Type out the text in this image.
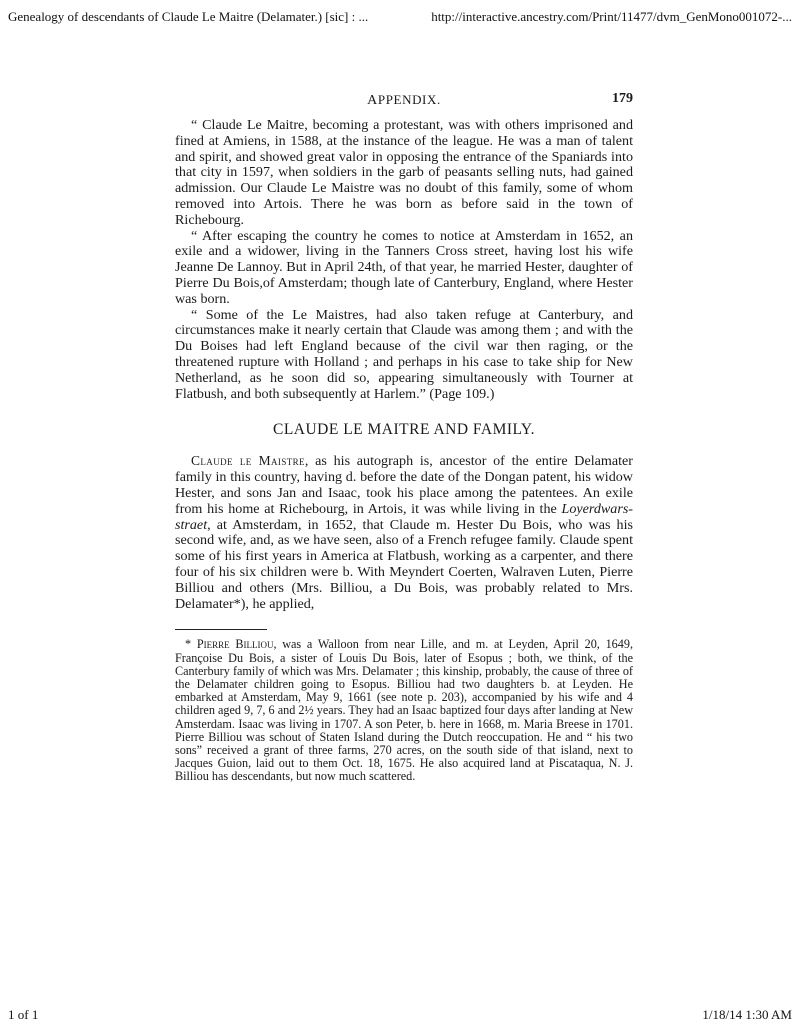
Genealogy of descendants of Claude Le Maitre (Delamater.) [sic] : ...	http://interactive.ancestry.com/Print/11477/dvm_GenMono001072-...
APPENDIX.	179

“ Claude Le Maitre, becoming a protestant, was with others imprisoned and fined at Amiens, in 1588, at the instance of the league. He was a man of talent and spirit, and showed great valor in opposing the entrance of the Spaniards into that city in 1597, when soldiers in the garb of peasants selling nuts, had gained admission. Our Claude Le Maistre was no doubt of this family, some of whom removed into Artois. There he was born as before said in the town of Richebourg.

“ After escaping the country he comes to notice at Amsterdam in 1652, an exile and a widower, living in the Tanners Cross street, having lost his wife Jeanne De Lannoy. But in April 24th, of that year, he married Hester, daughter of Pierre Du Bois,of Amsterdam; though late of Canterbury, England, where Hester was born.

“ Some of the Le Maistres, had also taken refuge at Canterbury, and circumstances make it nearly certain that Claude was among them ; and with the Du Boises had left England because of the civil war then raging, or the threatened rupture with Holland ; and perhaps in his case to take ship for New Netherland, as he soon did so, appearing simultaneously with Tourner at Flatbush, and both subsequently at Harlem.” (Page 109.)

CLAUDE LE MAITRE AND FAMILY.

Claude le Maistre, as his autograph is, ancestor of the entire Delamater family in this country, having d. before the date of the Dongan patent, his widow Hester, and sons Jan and Isaac, took his place among the patentees. An exile from his home at Richebourg, in Artois, it was while living in the Loyerdwars-straet, at Amsterdam, in 1652, that Claude m. Hester Du Bois, who was his second wife, and, as we have seen, also of a French refugee family. Claude spent some of his first years in America at Flatbush, working as a carpenter, and there four of his six children were b. With Meyndert Coerten, Walraven Luten, Pierre Billiou and others (Mrs. Billiou, a Du Bois, was probably related to Mrs. Delamater*), he applied,

* Pierre Billiou, was a Walloon from near Lille, and m. at Leyden, April 20, 1649, Françoise Du Bois, a sister of Louis Du Bois, later of Esopus ; both, we think, of the Canterbury family of which was Mrs. Delamater ; this kinship, probably, the cause of three of the Delamater children going to Esopus. Billiou had two daughters b. at Leyden. He embarked at Amsterdam, May 9, 1661 (see note p. 203), accompanied by his wife and 4 children aged 9, 7, 6 and 2½ years. They had an Isaac baptized four days after landing at New Amsterdam. Isaac was living in 1707. A son Peter, b. here in 1668, m. Maria Breese in 1701. Pierre Billiou was schout of Staten Island during the Dutch reoccupation. He and “ his two sons” received a grant of three farms, 270 acres, on the south side of that island, next to Jacques Guion, laid out to them Oct. 18, 1675. He also acquired land at Piscataqua, N. J. Billiou has descendants, but now much scattered.

1 of 1	1/18/14 1:30 AM
